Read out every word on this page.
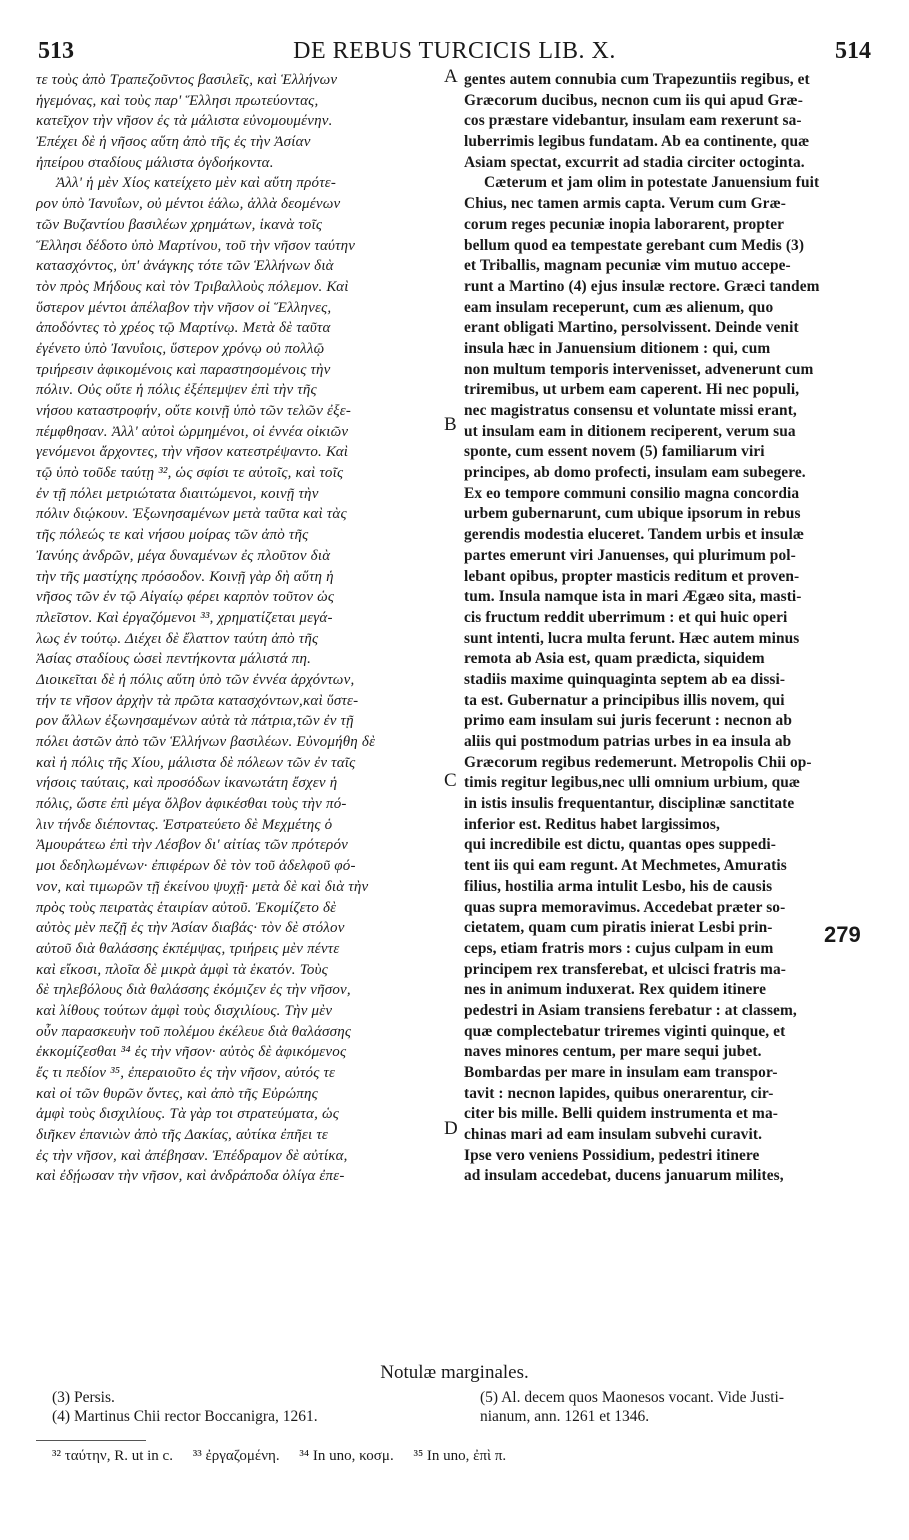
513	DE REBUS TURCICIS LIB. X.	514
τε τοὺς ἀπὸ Τραπεζοῦντος βασιλεῖς, καὶ Ἑλλήνων
ἡγεμόνας, καὶ τοὺς παρ' Ἕλλησι πρωτεύοντας,
κατεῖχον τὴν νῆσον ἐς τὰ μάλιστα εὐνομουμένην.
Ἐπέχει δὲ ἡ νῆσος αὕτη ἀπὸ τῆς ἐς τὴν Ἀσίαν
ἠπείρου σταδίους μάλιστα ὀγδοήκοντα.
Ἀλλ' ἡ μὲν Χίος κατείχετο μὲν καὶ αὕτη πρότε-
ρον ὑπὸ Ἰανυΐων, οὐ μέντοι ἑάλω, ἀλλὰ δεομένων
τῶν Βυζαντίου βασιλέων χρημάτων, ἱκανὰ τοῖς
Ἕλλησι δέδοτο ὑπὸ Μαρτίνου, τοῦ τὴν νῆσον ταύτην
κατασχόντος, ὑπ' ἀνάγκης τότε τῶν Ἑλλήνων διὰ
τὸν πρὸς Μήδους καὶ τὸν Τριβαλλοὺς πόλεμον. Καὶ
ὕστερον μέντοι ἀπέλαβον τὴν νῆσον οἱ Ἕλληνες,
ἀποδόντες τὸ χρέος τῷ Μαρτίνῳ. Μετὰ δὲ ταῦτα
ἐγένετο ὑπὸ Ἰανυΐοις, ὕστερον χρόνῳ οὐ πολλῷ
τριήρεσιν ἀφικομένοις καὶ παραστησομένοις τὴν
πόλιν. Οὐς οὔτε ἡ πόλις ἐξέπεμψεν ἐπὶ τὴν τῆς
νήσου καταστροφήν, οὔτε κοινῇ ὑπὸ τῶν τελῶν ἐξε-
πέμφθησαν. Ἀλλ' αὐτοὶ ὡρμημένοι, οἱ ἐννέα οἰκιῶν
γενόμενοι ἄρχοντες, τὴν νῆσον κατεστρέψαντο. Καὶ
τῷ ὑπὸ τοῦδε ταύτῃ ³², ὡς σφίσι τε αὐτοῖς, καὶ τοῖς
ἐν τῇ πόλει μετριώτατα διαιτώμενοι, κοινῇ τὴν
πόλιν διῴκουν. Ἐξωνησαμένων μετὰ ταῦτα καὶ τὰς
τῆς πόλεώς τε καὶ νήσου μοίρας τῶν ἀπὸ τῆς
Ἰανύης ἀνδρῶν, μέγα δυναμένων ἐς πλοῦτον διὰ
τὴν τῆς μαστίχης πρόσοδον. Κοινῇ γὰρ δὴ αὕτη ἡ
νῆσος τῶν ἐν τῷ Αἰγαίῳ φέρει καρπὸν τοῦτον ὡς
πλεῖστον. Καὶ ἐργαζόμενοι ³³, χρηματίζεται μεγά-
λως ἐν τούτῳ. Διέχει δὲ ἔλαττον ταύτη ἀπὸ τῆς
Ἀσίας σταδίους ὡσεὶ πεντήκοντα μάλιστά πη.
Διοικεῖται δὲ ἡ πόλις αὕτη ὑπὸ τῶν ἐννέα ἀρχόντων,
τήν τε νῆσον ἀρχὴν τὰ πρῶτα κατασχόντων,καὶ ὕστε-
ρον ἄλλων ἐξωνησαμένων αὐτὰ τὰ πάτρια,τῶν ἐν τῇ
πόλει ἀστῶν ἀπὸ τῶν Ἑλλήνων βασιλέων. Εὐνομήθη δὲ
καὶ ἡ πόλις τῆς Χίου, μάλιστα δὲ πόλεων τῶν ἐν ταῖς
νήσοις ταύταις, καὶ προσόδων ἱκανωτάτη ἔσχεν ἡ
πόλις, ὥστε ἐπὶ μέγα ὄλβον ἀφικέσθαι τοὺς τὴν πό-
λιν τήνδε διέποντας. Ἐστρατεύετο δὲ Μεχμέτης ὁ
Ἀμουράτεω ἐπὶ τὴν Λέσβον δι' αἰτίας τῶν πρότερόν
μοι δεδηλωμένων· ἐπιφέρων δὲ τὸν τοῦ ἀδελφοῦ φό-
νον, καὶ τιμωρῶν τῇ ἐκείνου ψυχῇ· μετὰ δὲ καὶ διὰ τὴν
πρὸς τοὺς πειρατὰς ἑταιρίαν αὐτοῦ. Ἐκομίζετο δὲ
αὐτὸς μὲν πεζῇ ἐς τὴν Ἀσίαν διαβάς· τὸν δὲ στόλον
αὐτοῦ διὰ θαλάσσης ἐκπέμψας, τριήρεις μὲν πέντε
καὶ εἴκοσι, πλοῖα δὲ μικρὰ ἀμφὶ τὰ ἑκατόν. Τοὺς
δὲ τηλεβόλους διὰ θαλάσσης ἐκόμιζεν ἐς τὴν νῆσον,
καὶ λίθους τούτων ἀμφὶ τοὺς δισχιλίους. Τὴν μὲν
οὖν παρασκευὴν τοῦ πολέμου ἐκέλευε διὰ θαλάσσης
ἐκκομίζεσθαι ³⁴ ἐς τὴν νῆσον· αὐτὸς δὲ ἀφικόμενος
ἔς τι πεδίον ³⁵, ἐπεραιοῦτο ἐς τὴν νῆσον, αὐτός τε
καὶ οἱ τῶν θυρῶν ὄντες, καὶ ἀπὸ τῆς Εὐρώπης
ἀμφὶ τοὺς δισχιλίους. Τὰ γὰρ τοι στρατεύματα, ὡς
διῆκεν ἐπανιὼν ἀπὸ τῆς Δακίας, αὐτίκα ἐπῆει τε
ἐς τὴν νῆσον, καὶ ἀπέβησαν. Ἐπέδραμον δὲ αὐτίκα,
καὶ ἐδῄωσαν τὴν νῆσον, καὶ ἀνδράποδα ὀλίγα ἐπε-
gentes autem connubia cum Trapezuntiis regibus, et
Græcorum ducibus, necnon cum iis qui apud Græ-
cos præstare videbantur, insulam eam rexerunt sa-
luberrimis legibus fundatam. Ab ea continente, quæ
Asiam spectat, excurrit ad stadia circiter octoginta.
Cæterum et jam olim in potestate Januensium fuit
Chius, nec tamen armis capta. Verum cum Græ-
corum reges pecuniæ inopia laborarent, propter
bellum quod ea tempestate gerebant cum Medis (3)
et Triballis, magnam pecuniæ vim mutuo accepe-
runt a Martino (4) ejus insulæ rectore. Græci tandem
eam insulam receperunt, cum æs alienum, quo
erant obligati Martino, persolvissent. Deinde venit
insula hæc in Januensium ditionem : qui, cum
non multum temporis intervenisset, advenerunt cum
triremibus, ut urbem eam caperent. Hi nec populi,
nec magistratus consensu et voluntate missi erant,
ut insulam eam in ditionem reciperent, verum sua
sponte, cum essent novem (5) familiarum viri
principes, ab domo profecti, insulam eam subegere.
Ex eo tempore communi consilio magna concordia
urbem gubernarunt, cum ubique ipsorum in rebus
gerendis modestia eluceret. Tandem urbis et insulæ
partes emerunt viri Januenses, qui plurimum pol-
lebant opibus, propter masticis reditum et proven-
tum. Insula namque ista in mari Ægæo sita, masti-
cis fructum reddit uberrimum : et qui huic operi
sunt intenti, lucra multa ferunt. Hæc autem minus
remota ab Asia est, quam prædicta, siquidem
stadiis maxime quinquaginta septem ab ea dissi-
ta est. Gubernatur a principibus illis novem, qui
primo eam insulam sui juris fecerunt : necnon ab
aliis qui postmodum patrias urbes in ea insula ab
Græcorum regibus redemerunt. Metropolis Chii op-
timis regitur legibus,nec ulli omnium urbium, quæ
in istis insulis frequentantur, disciplinæ sanctitate
inferior est. Reditus habet largissimos,
qui incredibile est dictu, quantas opes suppedi-
tent iis qui eam regunt. At Mechmetes, Amuratis
filius, hostilia arma intulit Lesbo, his de causis
quas supra memoravimus. Accedebat præter so-
cietatem, quam cum piratis inierat Lesbi prin-
ceps, etiam fratris mors : cujus culpam in eum
principem rex transferebat, et ulcisci fratris ma-
nes in animum induxerat. Rex quidem itinere
pedestri in Asiam transiens ferebatur : at classem,
quæ complectebatur triremes viginti quinque, et
naves minores centum, per mare sequi jubet.
Bombardas per mare in insulam eam transpor-
tavit : necnon lapides, quibus onerarentur, cir-
citer bis mille. Belli quidem instrumenta et ma-
chinas mari ad eam insulam subvehi curavit.
Ipse vero veniens Possidium, pedestri itinere
ad insulam accedebat, ducens januarum milites,
A
B
C
D
279
Notulæ marginales.
(3) Persis.
(4) Martinus Chii rector Boccanigra, 1261.
(5) Al. decem quos Maonesos vocant. Vide Justi-
nianum, ann. 1261 et 1346.
³² ταύτην, R. ut in c. ³³ ἐργαζομένη. ³⁴ In uno, κοσμ. ³⁵ In uno, ἐπὶ π.
